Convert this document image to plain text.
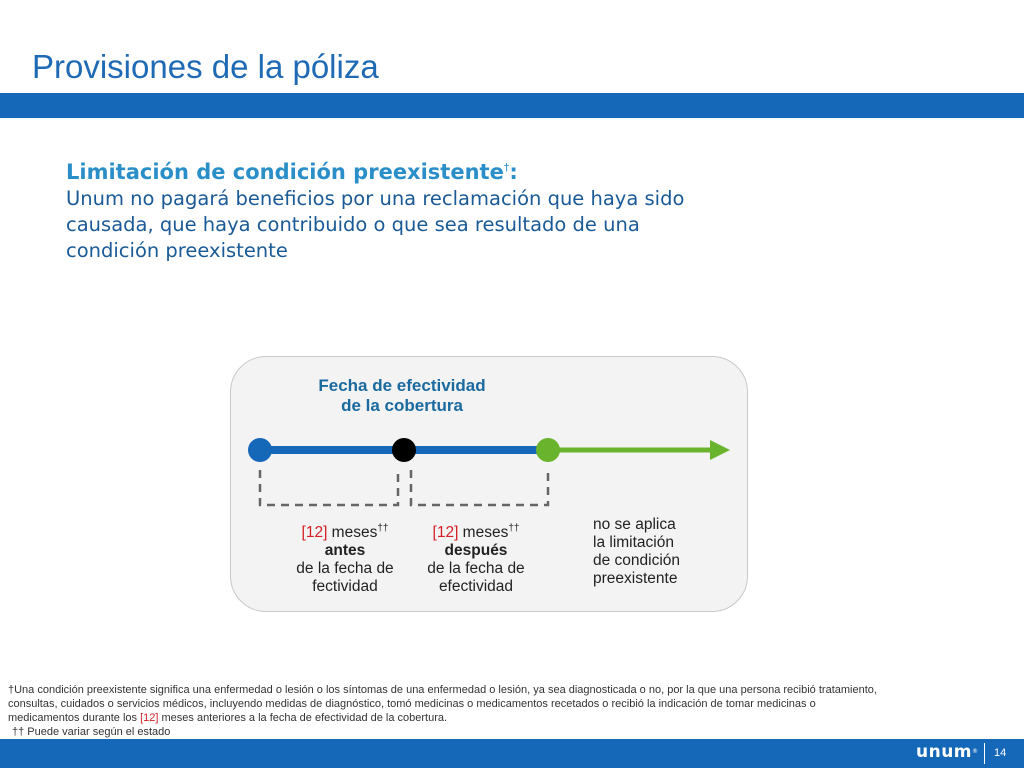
Provisiones de la póliza
Limitación de condición preexistente†:
Unum no pagará beneficios por una reclamación que haya sido causada, que haya contribuido o que sea resultado de una condición preexistente
Fecha de efectividad
de la cobertura
[12] meses††
antes
de la fecha de
fectividad
[12] meses††
después
de la fecha de
efectividad
no se aplica
la limitación
de condición
preexistente
†Una condición preexistente significa una enfermedad o lesión o los síntomas de una enfermedad o lesión, ya sea diagnosticada o no, por la que una persona recibió tratamiento, consultas, cuidados o servicios médicos, incluyendo medidas de diagnóstico, tomó medicinas o medicamentos recetados o recibió la indicación de tomar medicinas o medicamentos durante los [12] meses anteriores a la fecha de efectividad de la cobertura.
†† Puede variar según el estado
unum® 14
